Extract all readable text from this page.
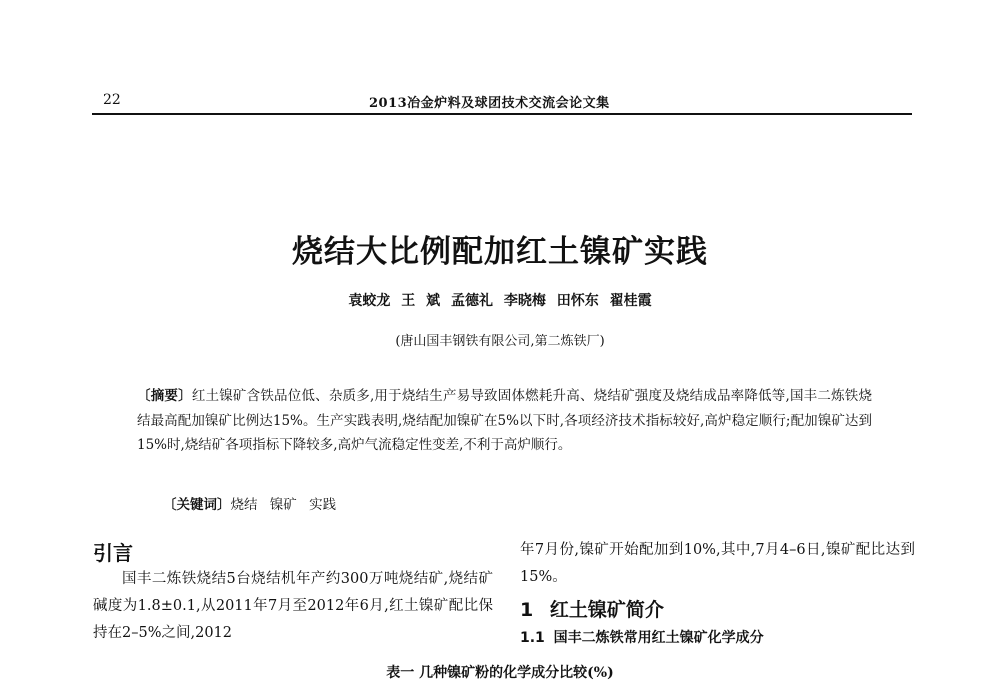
22	2013冶金炉料及球团技术交流会论文集
烧结大比例配加红土镍矿实践
袁蛟龙 王 斌 孟德礼 李晓梅 田怀东 翟桂霞
(唐山国丰钢铁有限公司,第二炼铁厂)
〔摘要〕红土镍矿含铁品位低、杂质多,用于烧结生产易导致固体燃耗升高、烧结矿强度及烧结成品率降低等,国丰二炼铁烧结最高配加镍矿比例达15%。生产实践表明,烧结配加镍矿在5%以下时,各项经济技术指标较好,高炉稳定顺行;配加镍矿达到15%时,烧结矿各项指标下降较多,高炉气流稳定性变差,不利于高炉顺行。
〔关键词〕烧结 镍矿 实践
引言

国丰二炼铁烧结5台烧结机年产约300万吨烧结矿,烧结矿碱度为1.8±0.1,从2011年7月至2012年6月,红土镍矿配比保持在2–5%之间,2012

年7月份,镍矿开始配加到10%,其中,7月4–6日,镍矿配比达到15%。

1 红土镍矿简介
1.1 国丰二炼铁常用红土镍矿化学成分
表一 几种镍矿粉的化学成分比较(%)
